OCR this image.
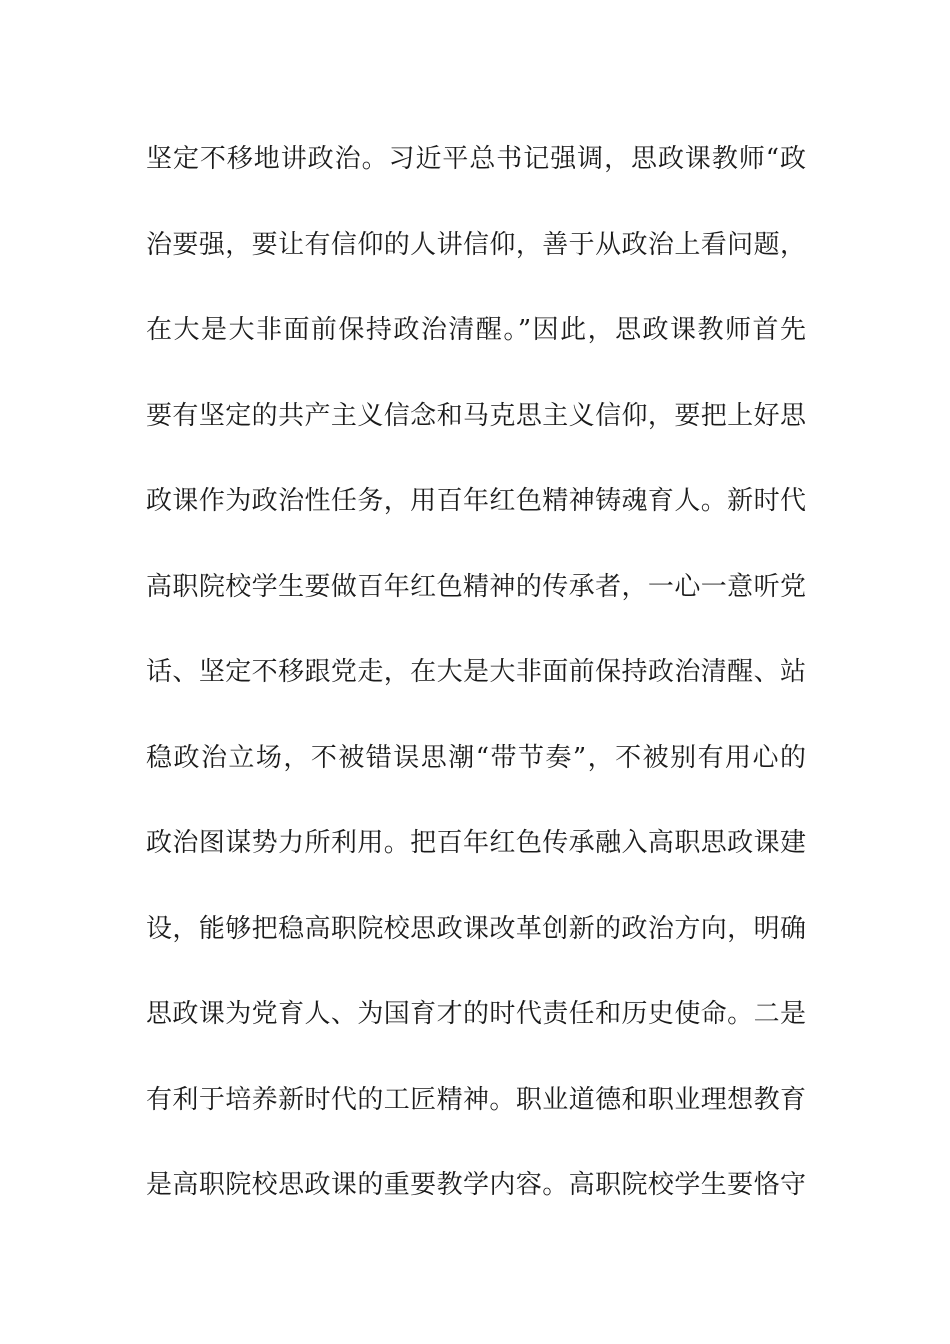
坚定不移地讲政治。习近平总书记强调，思政课教师“政
治要强，要让有信仰的人讲信仰，善于从政治上看问题，
在大是大非面前保持政治清醒。”因此，思政课教师首先
要有坚定的共产主义信念和马克思主义信仰，要把上好思
政课作为政治性任务，用百年红色精神铸魂育人。新时代
高职院校学生要做百年红色精神的传承者，一心一意听党
话、坚定不移跟党走，在大是大非面前保持政治清醒、站
稳政治立场，不被错误思潮“带节奏”，不被别有用心的
政治图谋势力所利用。把百年红色传承融入高职思政课建
设，能够把稳高职院校思政课改革创新的政治方向，明确
思政课为党育人、为国育才的时代责任和历史使命。二是
有利于培养新时代的工匠精神。职业道德和职业理想教育
是高职院校思政课的重要教学内容。高职院校学生要恪守
